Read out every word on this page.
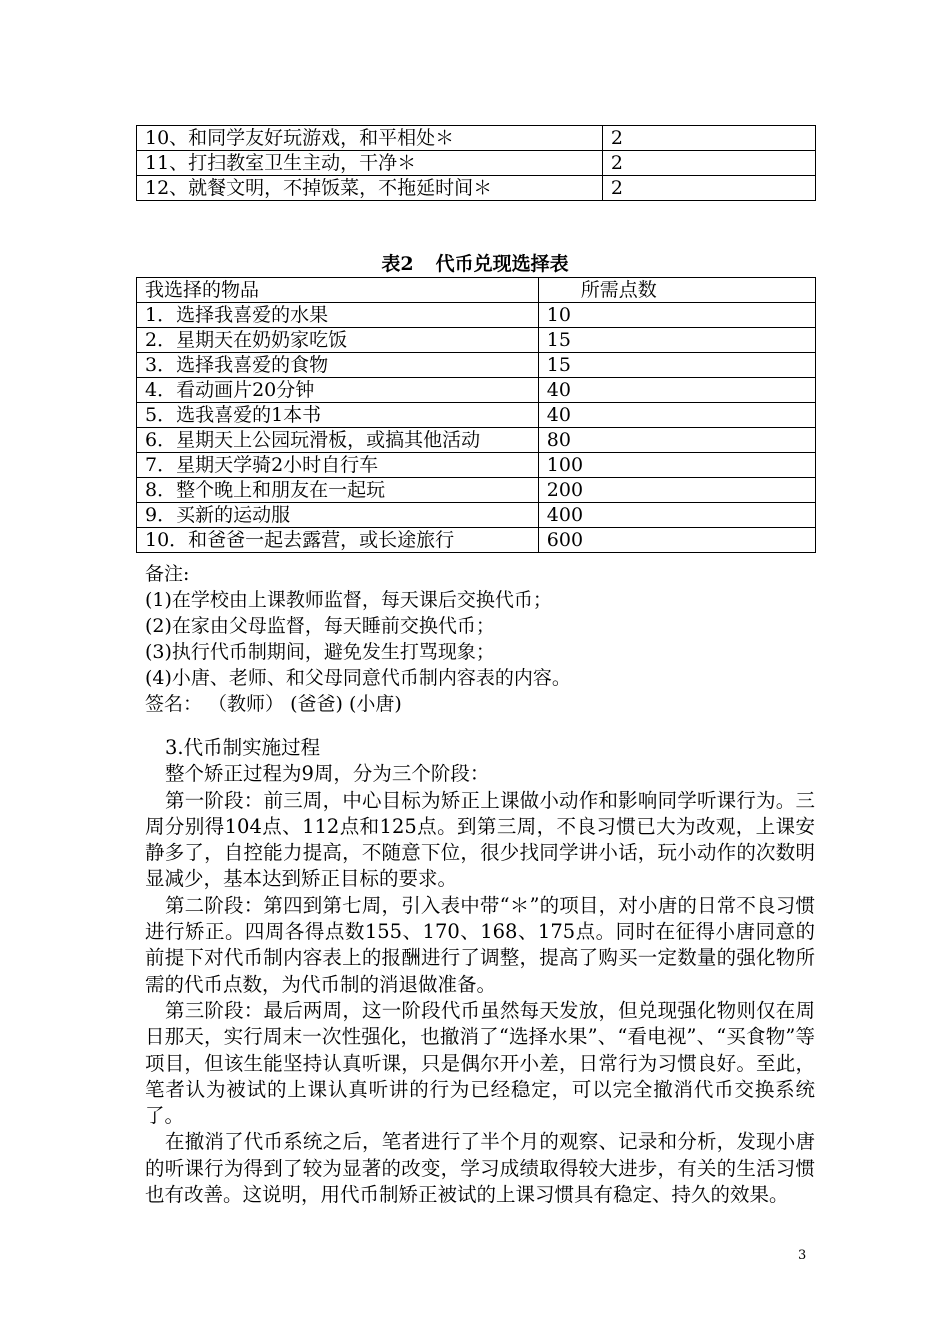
10、和同学友好玩游戏，和平相处＊	2
11、打扫教室卫生主动，干净＊	2
12、就餐文明，不掉饭菜，不拖延时间＊	2
表2 代币兑现选择表
我选择的物品	所需点数
1．选择我喜爱的水果	10
2．星期天在奶奶家吃饭	15
3．选择我喜爱的食物	15
4．看动画片20分钟	40
5．选我喜爱的1本书	40
6．星期天上公园玩滑板，或搞其他活动	80
7．星期天学骑2小时自行车	100
8．整个晚上和朋友在一起玩	200
9．买新的运动服	400
10．和爸爸一起去露营，或长途旅行	600

备注:

(1)在学校由上课教师监督，每天课后交换代币；

(2)在家由父母监督，每天睡前交换代币；

(3)执行代币制期间，避免发生打骂现象；

(4)小唐、老师、和父母同意代币制内容表的内容。

签名： （教师） (爸爸) (小唐)

3.代币制实施过程

整个矫正过程为9周，分为三个阶段：

第一阶段：前三周，中心目标为矫正上课做小动作和影响同学听课行为。三周分别得104点、112点和125点。到第三周，不良习惯已大为改观，上课安静多了，自控能力提高，不随意下位，很少找同学讲小话，玩小动作的次数明显减少，基本达到矫正目标的要求。

第二阶段：第四到第七周，引入表中带“＊”的项目，对小唐的日常不良习惯进行矫正。四周各得点数155、170、168、175点。同时在征得小唐同意的前提下对代币制内容表上的报酬进行了调整，提高了购买一定数量的强化物所需的代币点数，为代币制的消退做准备。

第三阶段：最后两周，这一阶段代币虽然每天发放，但兑现强化物则仅在周日那天，实行周末一次性强化，也撤消了“选择水果”、“看电视”、“买食物”等项目，但该生能坚持认真听课，只是偶尔开小差，日常行为习惯良好。至此，笔者认为被试的上课认真听讲的行为已经稳定，可以完全撤消代币交换系统了。

在撤消了代币系统之后，笔者进行了半个月的观察、记录和分析，发现小唐的听课行为得到了较为显著的改变，学习成绩取得较大进步，有关的生活习惯也有改善。这说明，用代币制矫正被试的上课习惯具有稳定、持久的效果。

3
